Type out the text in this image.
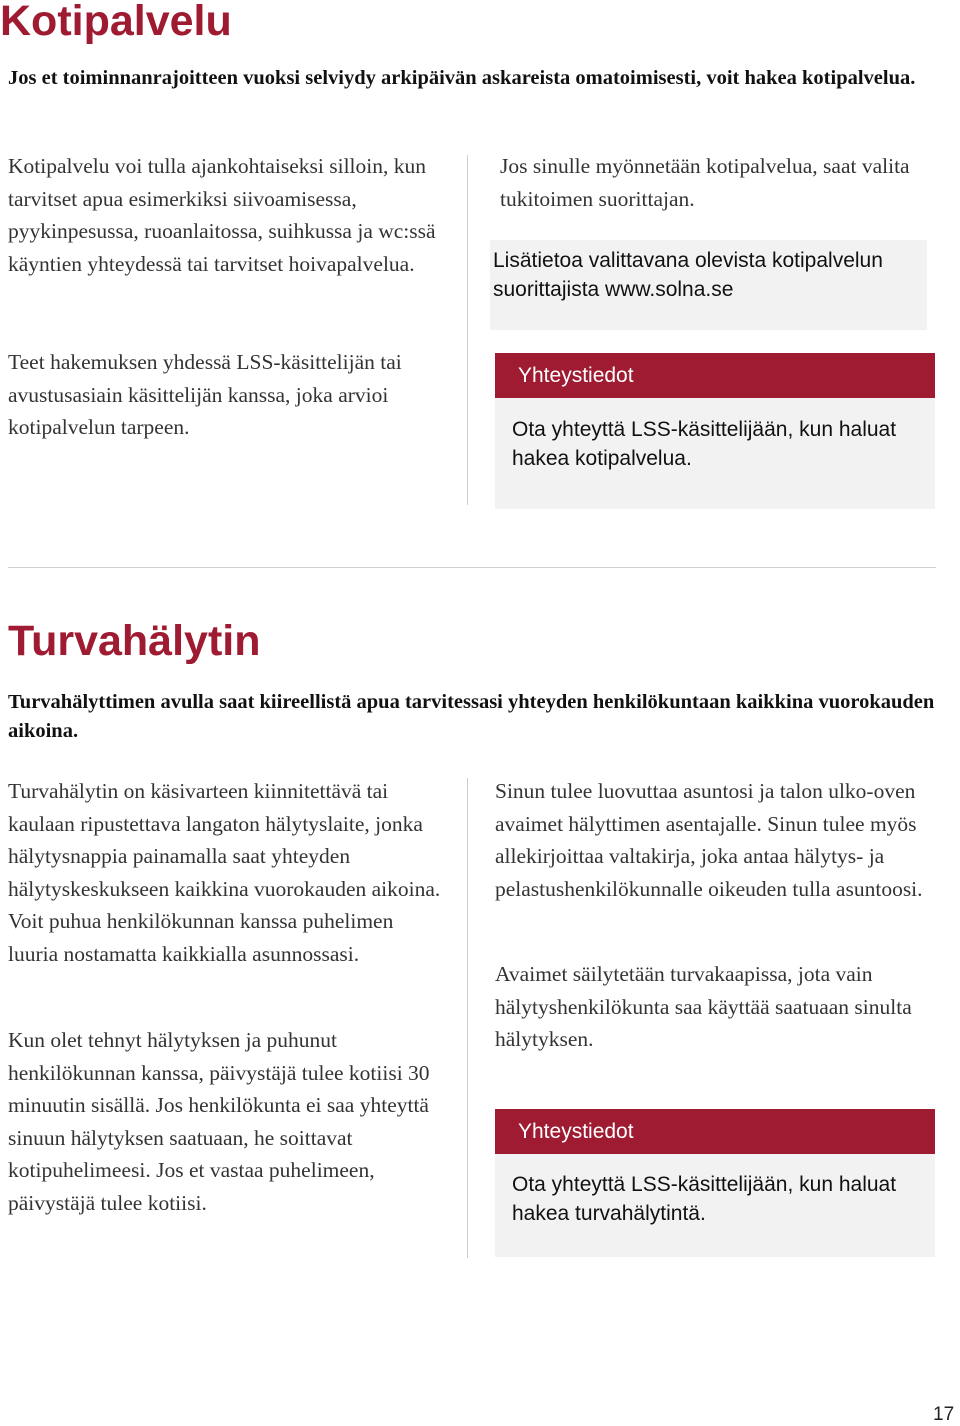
Kotipalvelu

Jos et toiminnanrajoitteen vuoksi selviydy arkipäivän askareista omatoimisesti, voit hakea kotipalvelua.

Kotipalvelu voi tulla ajankohtaiseksi silloin, kun tarvitset apua esimerkiksi siivoamisessa, pyykinpesussa, ruoanlaitossa, suihkussa ja wc:ssä käyntien yhteydessä tai tarvitset hoivapalvelua.

Teet hakemuksen yhdessä LSS-käsittelijän tai avustusasiain käsittelijän kanssa, joka arvioi kotipalvelun tarpeen.

Jos sinulle myönnetään kotipalvelua, saat valita tukitoimen suorittajan.

Lisätietoa valittavana olevista kotipalvelun suorittajista www.solna.se

Yhteystiedot

Ota yhteyttä LSS-käsittelijään, kun haluat hakea kotipalvelua.

Turvahälytin

Turvahälyttimen avulla saat kiireellistä apua tarvitessasi yhteyden henkilökuntaan kaikkina vuorokauden aikoina.

Turvahälytin on käsivarteen kiinnitettävä tai kaulaan ripustettava langaton hälytyslaite, jonka hälytysnappia painamalla saat yhteyden hälytyskeskukseen kaikkina vuorokauden aikoina. Voit puhua henkilökunnan kanssa puhelimen luuria nostamatta kaikkialla asunnossasi.

Kun olet tehnyt hälytyksen ja puhunut henkilökunnan kanssa, päivystäjä tulee kotiisi 30 minuutin sisällä. Jos henkilökunta ei saa yhteyttä sinuun hälytyksen saatuaan, he soittavat kotipuhelimeesi. Jos et vastaa puhelimeen, päivystäjä tulee kotiisi.

Sinun tulee luovuttaa asuntosi ja talon ulko-oven avaimet hälyttimen asentajalle. Sinun tulee myös allekirjoittaa valtakirja, joka antaa hälytys- ja pelastushenkilökunnalle oikeuden tulla asuntoosi.

Avaimet säilytetään turvakaapissa, jota vain hälytyshenkilökunta saa käyttää saatuaan sinulta hälytyksen.

Yhteystiedot

Ota yhteyttä LSS-käsittelijään, kun haluat hakea turvahälytintä.

17
